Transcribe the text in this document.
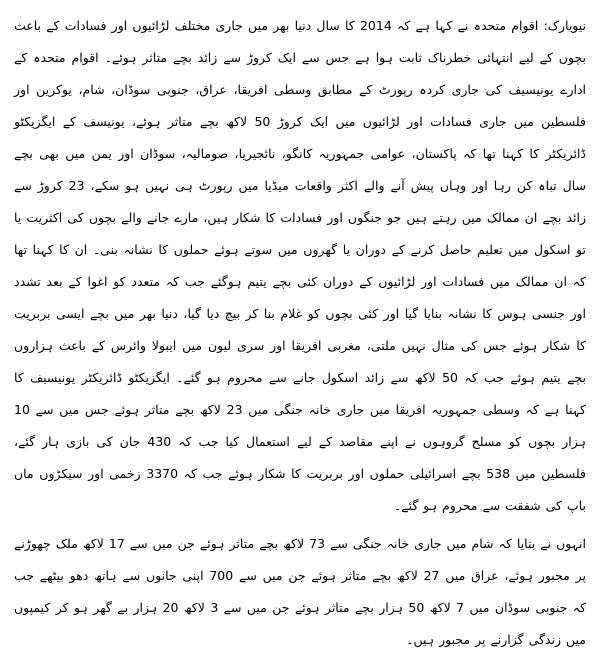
نیویارک: اقوام متحدہ نے کہا ہے کہ 2014 کا سال دنیا بھر میں جاری مختلف لڑائیوں اور فسادات کے باعث بچوں کے لیے انتہائی خطرناک ثابت ہوا ہے جس سے ایک کروڑ سے زائد بچے متاثر ہوئے۔ اقوام متحدہ کے ادارے یونیسیف کی جاری کردہ رپورٹ کے مطابق وسطی افریقا، عراق، جنوبی سوڈان، شام، یوکرین اور فلسطین میں جاری فسادات اور لڑائیوں میں ایک کروڑ 50 لاکھ بچے متاثر ہوئے، یونیسف کے ایگزیکٹو ڈائریکٹر کا کہنا تھا کہ پاکستان، عوامی جمہوریہ کانگو، نائجیریا، صومالیہ، سوڈان اور یمن میں بھی بچے سال تباہ کن رہا اور وہاں پیش آنے والے اکثر واقعات میڈیا میں رپورٹ ہی نہیں ہو سکے، 23 کروڑ سے زائد بچے ان ممالک میں رہتے ہیں جو جنگوں اور فسادات کا شکار ہیں، مارے جانے والے بچوں کی اکثریت یا تو اسکول میں تعلیم حاصل کرنے کے دوران یا گھروں میں سوتے ہوئے حملوں کا نشانہ بنی۔ ان کا کہنا تھا کہ ان ممالک میں فسادات اور لڑائیوں کے دوران کئی بچے یتیم ہوگئے جب کہ متعدد کو اغوا کے بعد تشدد اور جنسی ہوس کا نشانہ بنایا گیا اور کئی بچوں کو غلام بنا کر بیچ دیا گیا، دنیا بھر میں بچے ایسی بربریت کا شکار ہوئے جس کی مثال نہیں ملتی، مغربی افریقا اور سری لیون میں ایبولا وائرس کے باعث ہزاروں بچے یتیم ہوئے جب کہ 50 لاکھ سے زائد اسکول جانے سے محروم ہو گئے۔ ایگزیکٹو ڈائریکٹر یونیسیف کا کہنا ہے کہ وسطی جمہوریہ افریقا میں جاری خانہ جنگی میں 23 لاکھ بچے متاثر ہوئے جس میں سے 10 ہزار بچوں کو مسلح گروہوں نے اپنے مقاصد کے لیے استعمال کیا جب کہ 430 جان کی بازی ہار گئے، فلسطین میں 538 بچے اسرائیلی حملوں اور بربریت کا شکار ہوئے جب کہ 3370 زخمی اور سیکڑوں ماں باپ کی شفقت سے محروم ہو گئے۔

انہوں نے بتایا کہ شام میں جاری خانہ جنگی سے 73 لاکھ بچے متاثر ہوئے جن میں سے 17 لاکھ ملک چھوڑنے پر مجبور ہوئے، عراق میں 27 لاکھ بچے متاثر ہوئے جن میں سے 700 اپنی جانوں سے ہاتھ دھو بیٹھے جب کہ جنوبی سوڈان میں 7 لاکھ 50 ہزار بچے متاثر ہوئے جن میں سے 3 لاکھ 20 ہزار بے گھر ہو کر کیمپوں میں زندگی گزارنے پر مجبور ہیں۔
